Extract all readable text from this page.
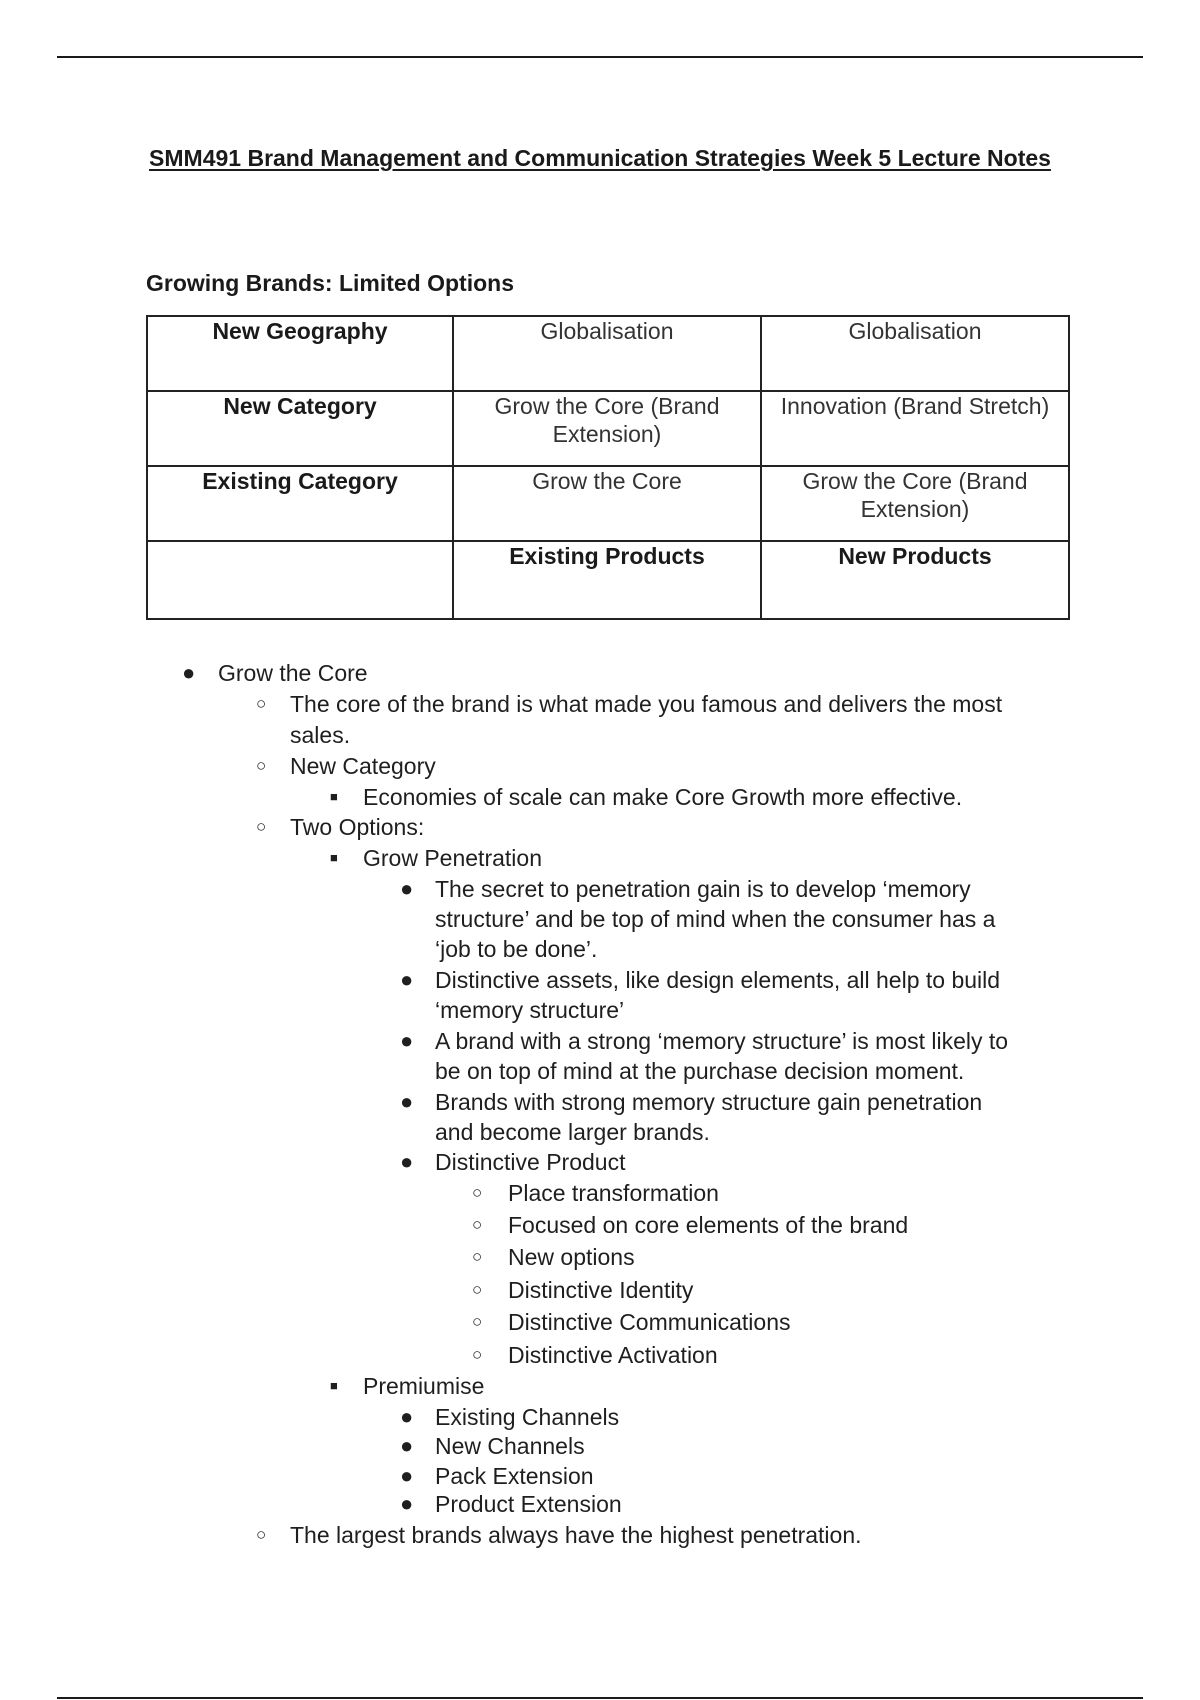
SMM491 Brand Management and Communication Strategies Week 5 Lecture Notes
Growing Brands: Limited Options
New Geography	Globalisation	Globalisation
New Category	Grow the Core (Brand Extension)	Innovation (Brand Stretch)
Existing Category	Grow the Core	Grow the Core (Brand Extension)
	Existing Products	New Products
● Grow the Core
○ The core of the brand is what made you famous and delivers the most
sales.
○ New Category
■ Economies of scale can make Core Growth more effective.
○ Two Options:
■ Grow Penetration
● The secret to penetration gain is to develop ‘memory
structure’ and be top of mind when the consumer has a
‘job to be done’.
● Distinctive assets, like design elements, all help to build
‘memory structure’
● A brand with a strong ‘memory structure’ is most likely to
be on top of mind at the purchase decision moment.
● Brands with strong memory structure gain penetration
and become larger brands.
● Distinctive Product
○ Place transformation
○ Focused on core elements of the brand
○ New options
○ Distinctive Identity
○ Distinctive Communications
○ Distinctive Activation
■ Premiumise
● Existing Channels
● New Channels
● Pack Extension
● Product Extension
○ The largest brands always have the highest penetration.
